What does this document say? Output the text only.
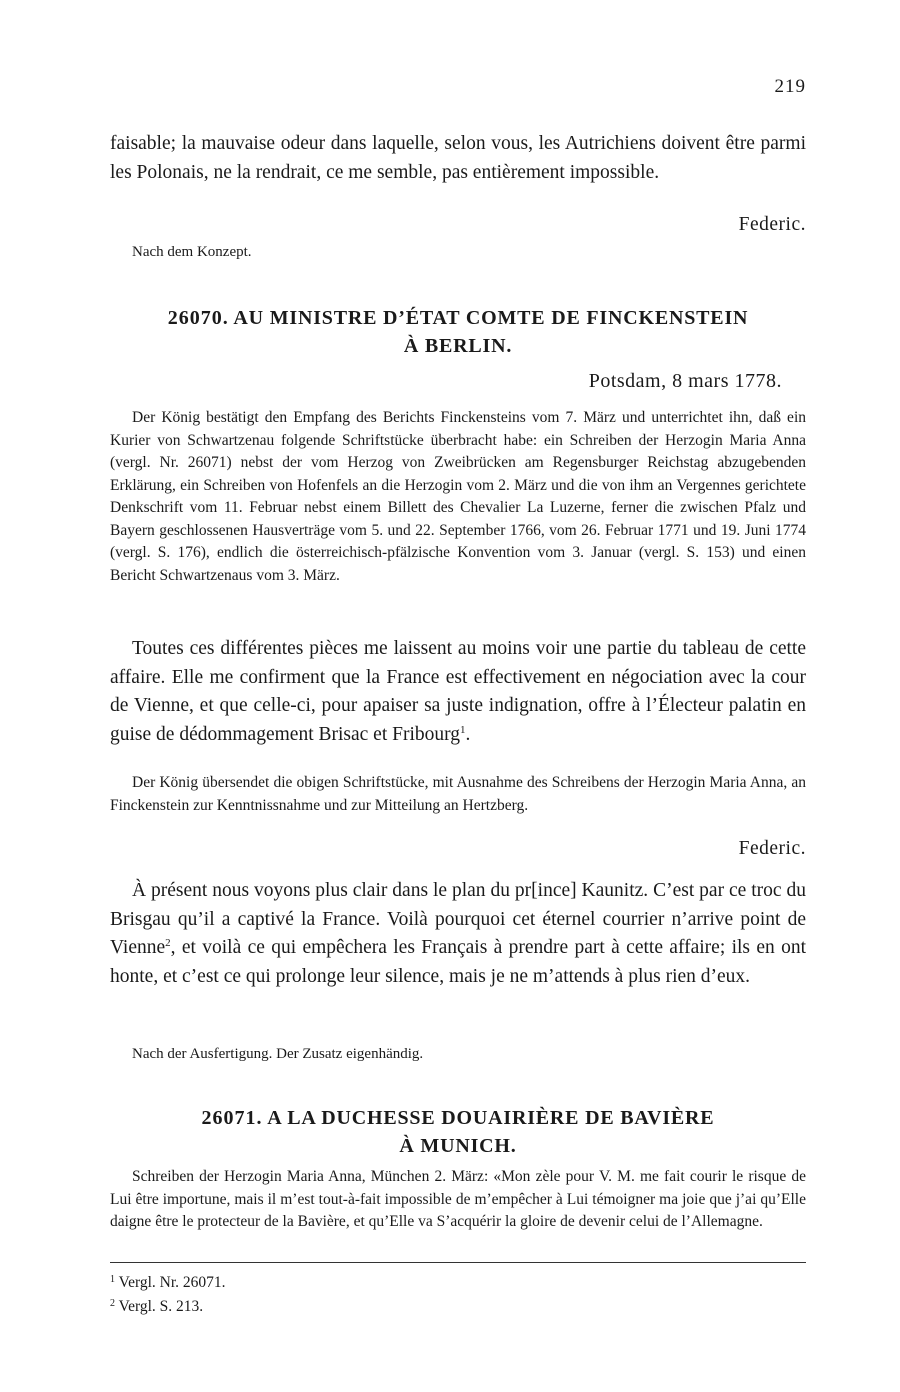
219

faisable; la mauvaise odeur dans laquelle, selon vous, les Autrichiens doivent être parmi les Polonais, ne la rendrait, ce me semble, pas entièrement impossible.

Federic.
Nach dem Konzept.
26070. AU MINISTRE D’ÉTAT COMTE DE FINCKENSTEIN
À BERLIN.
Potsdam, 8 mars 1778.

Der König bestätigt den Empfang des Berichts Finckensteins vom 7. März und unterrichtet ihn, daß ein Kurier von Schwartzenau folgende Schriftstücke überbracht habe: ein Schreiben der Herzogin Maria Anna (vergl. Nr. 26071) nebst der vom Herzog von Zweibrücken am Regensburger Reichstag abzugebenden Erklärung, ein Schreiben von Hofenfels an die Herzogin vom 2. März und die von ihm an Vergennes gerichtete Denkschrift vom 11. Februar nebst einem Billett des Chevalier La Luzerne, ferner die zwischen Pfalz und Bayern geschlossenen Hausverträge vom 5. und 22. September 1766, vom 26. Februar 1771 und 19. Juni 1774 (vergl. S. 176), endlich die österreichisch-pfälzische Konvention vom 3. Januar (vergl. S. 153) und einen Bericht Schwartzenaus vom 3. März.

Toutes ces différentes pièces me laissent au moins voir une partie du tableau de cette affaire. Elle me confirment que la France est effectivement en négociation avec la cour de Vienne, et que celle-ci, pour apaiser sa juste indignation, offre à l’Électeur palatin en guise de dédommagement Brisac et Fribourg$^1$.

Der König übersendet die obigen Schriftstücke, mit Ausnahme des Schreibens der Herzogin Maria Anna, an Finckenstein zur Kenntnissnahme und zur Mitteilung an Hertzberg.

Federic.

À présent nous voyons plus clair dans le plan du pr[ince] Kaunitz. C’est par ce troc du Brisgau qu’il a captivé la France. Voilà pourquoi cet éternel courrier n’arrive point de Vienne$^2$, et voilà ce qui empêchera les Français à prendre part à cette affaire; ils en ont honte, et c’est ce qui prolonge leur silence, mais je ne m’attends à plus rien d’eux.

Nach der Ausfertigung. Der Zusatz eigenhändig.
26071. A LA DUCHESSE DOUAIRIÈRE DE BAVIÈRE
À MUNICH.

Schreiben der Herzogin Maria Anna, München 2. März: «Mon zèle pour V. M. me fait courir le risque de Lui être importune, mais il m’est tout-à-fait impossible de m’empêcher à Lui témoigner ma joie que j’ai qu’Elle daigne être le protecteur de la Bavière, et qu’Elle va S’acquérir la gloire de devenir celui de l’Allemagne.

$^1$ Vergl. Nr. 26071.
$^2$ Vergl. S. 213.
